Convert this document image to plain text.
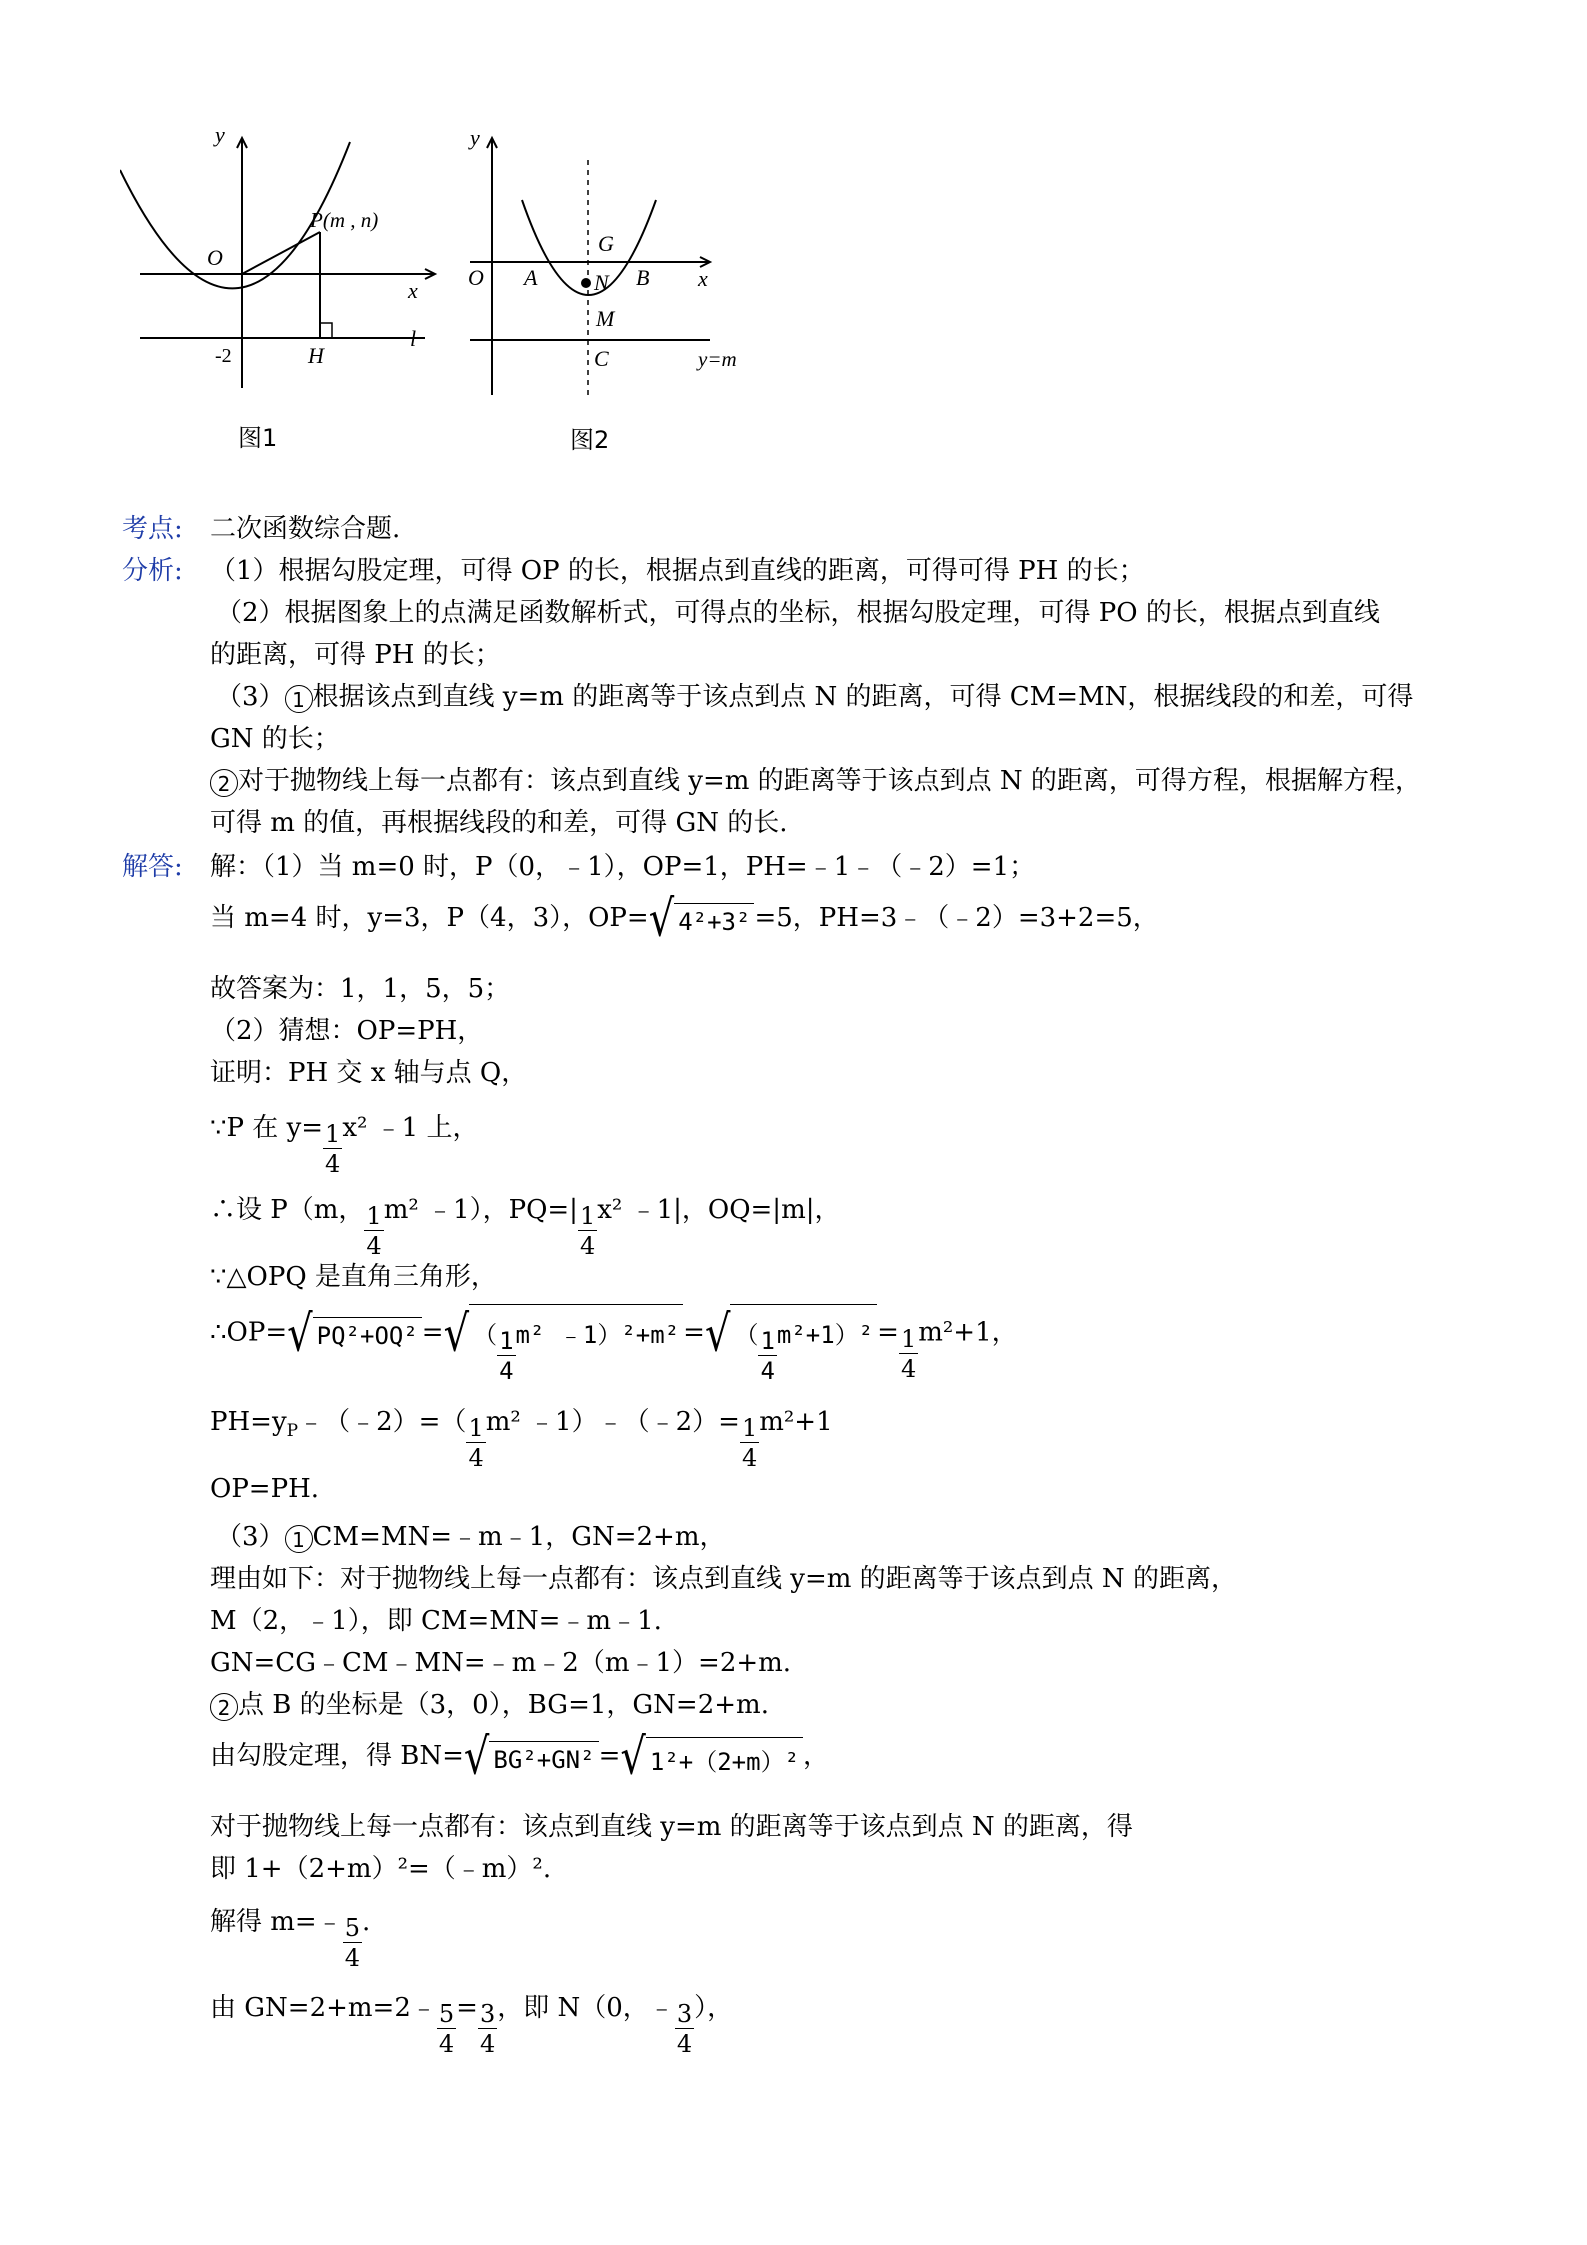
y
x
O
P(m , n)
l
-2	H
图1
y
x
O A	B
G
N
M
C	y=m
图2
考点: 二次函数综合题.
分析: （1）根据勾股定理，可得 OP 的长，根据点到直线的距离，可得可得 PH 的长；
（2）根据图象上的点满足函数解析式，可得点的坐标，根据勾股定理，可得 PO 的长，根据点到直线
的距离，可得 PH 的长；
（3） 1 根据该点到直线 y=m 的距离等于该点到点 N 的距离，可得 CM=MN，根据线段的和差，可得
GN 的长；
2 对于抛物线上每一点都有：该点到直线 y=m 的距离等于该点到点 N 的距离，可得方程，根据解方程，
可得 m 的值，再根据线段的和差，可得 GN 的长.
解答: 解：（1）当 m=0 时，P（0，﹣1），OP=1，PH=﹣1﹣（﹣2）=1；
当 m=4 时，y=3，P（4，3），OP=√ 4²+3² =5，PH=3﹣（﹣2）=3+2=5，
故答案为：1，1，5，5；
（2）猜想：OP=PH，
证明：PH 交 x 轴与点 Q，
∵P 在 $y= \frac{1}{4} x^2$ ﹣1 上，
∴设 P（m， $\frac{1}{4} m^2$ ﹣1），$PQ=| \frac{1}{4} x^2$ ﹣1|，OQ=|m|，
∵△OPQ 是直角三角形，
∴OP=√ PQ²+OQ² =√ （ $\frac{1}{4} m^2$ ﹣1）²+m² =√ （ $\frac{1}{4} m^2+1)^2 = \frac{1}{4} m^2+1$，
$PH=y_P﹣(﹣2)=( \frac{1}{4} m^2$ ﹣1）﹣（﹣2）= $\frac{1}{4} m^2+1$
OP=PH.
（3） 1 CM=MN=﹣m﹣1，GN=2+m，
理由如下：对于抛物线上每一点都有：该点到直线 y=m 的距离等于该点到点 N 的距离，
M（2，﹣1），即 CM=MN=﹣m﹣1.
GN=CG﹣CM﹣MN=﹣m﹣2（m﹣1）=2+m.
2 点 B 的坐标是（3，0），BG=1，GN=2+m.
由勾股定理，得 BN=√ BG²+GN² =√ 1²+（2+m）² ，
对于抛物线上每一点都有：该点到直线 y=m 的距离等于该点到点 N 的距离，得
即 1+（2+m）²=（﹣m）².
解得 m=﹣ $\frac{5}{4}$ .
由 GN=2+m=2﹣ $\frac{5}{4} = \frac{3}{4}$ ，即 N（0，﹣ $\frac{3}{4}$ ），
